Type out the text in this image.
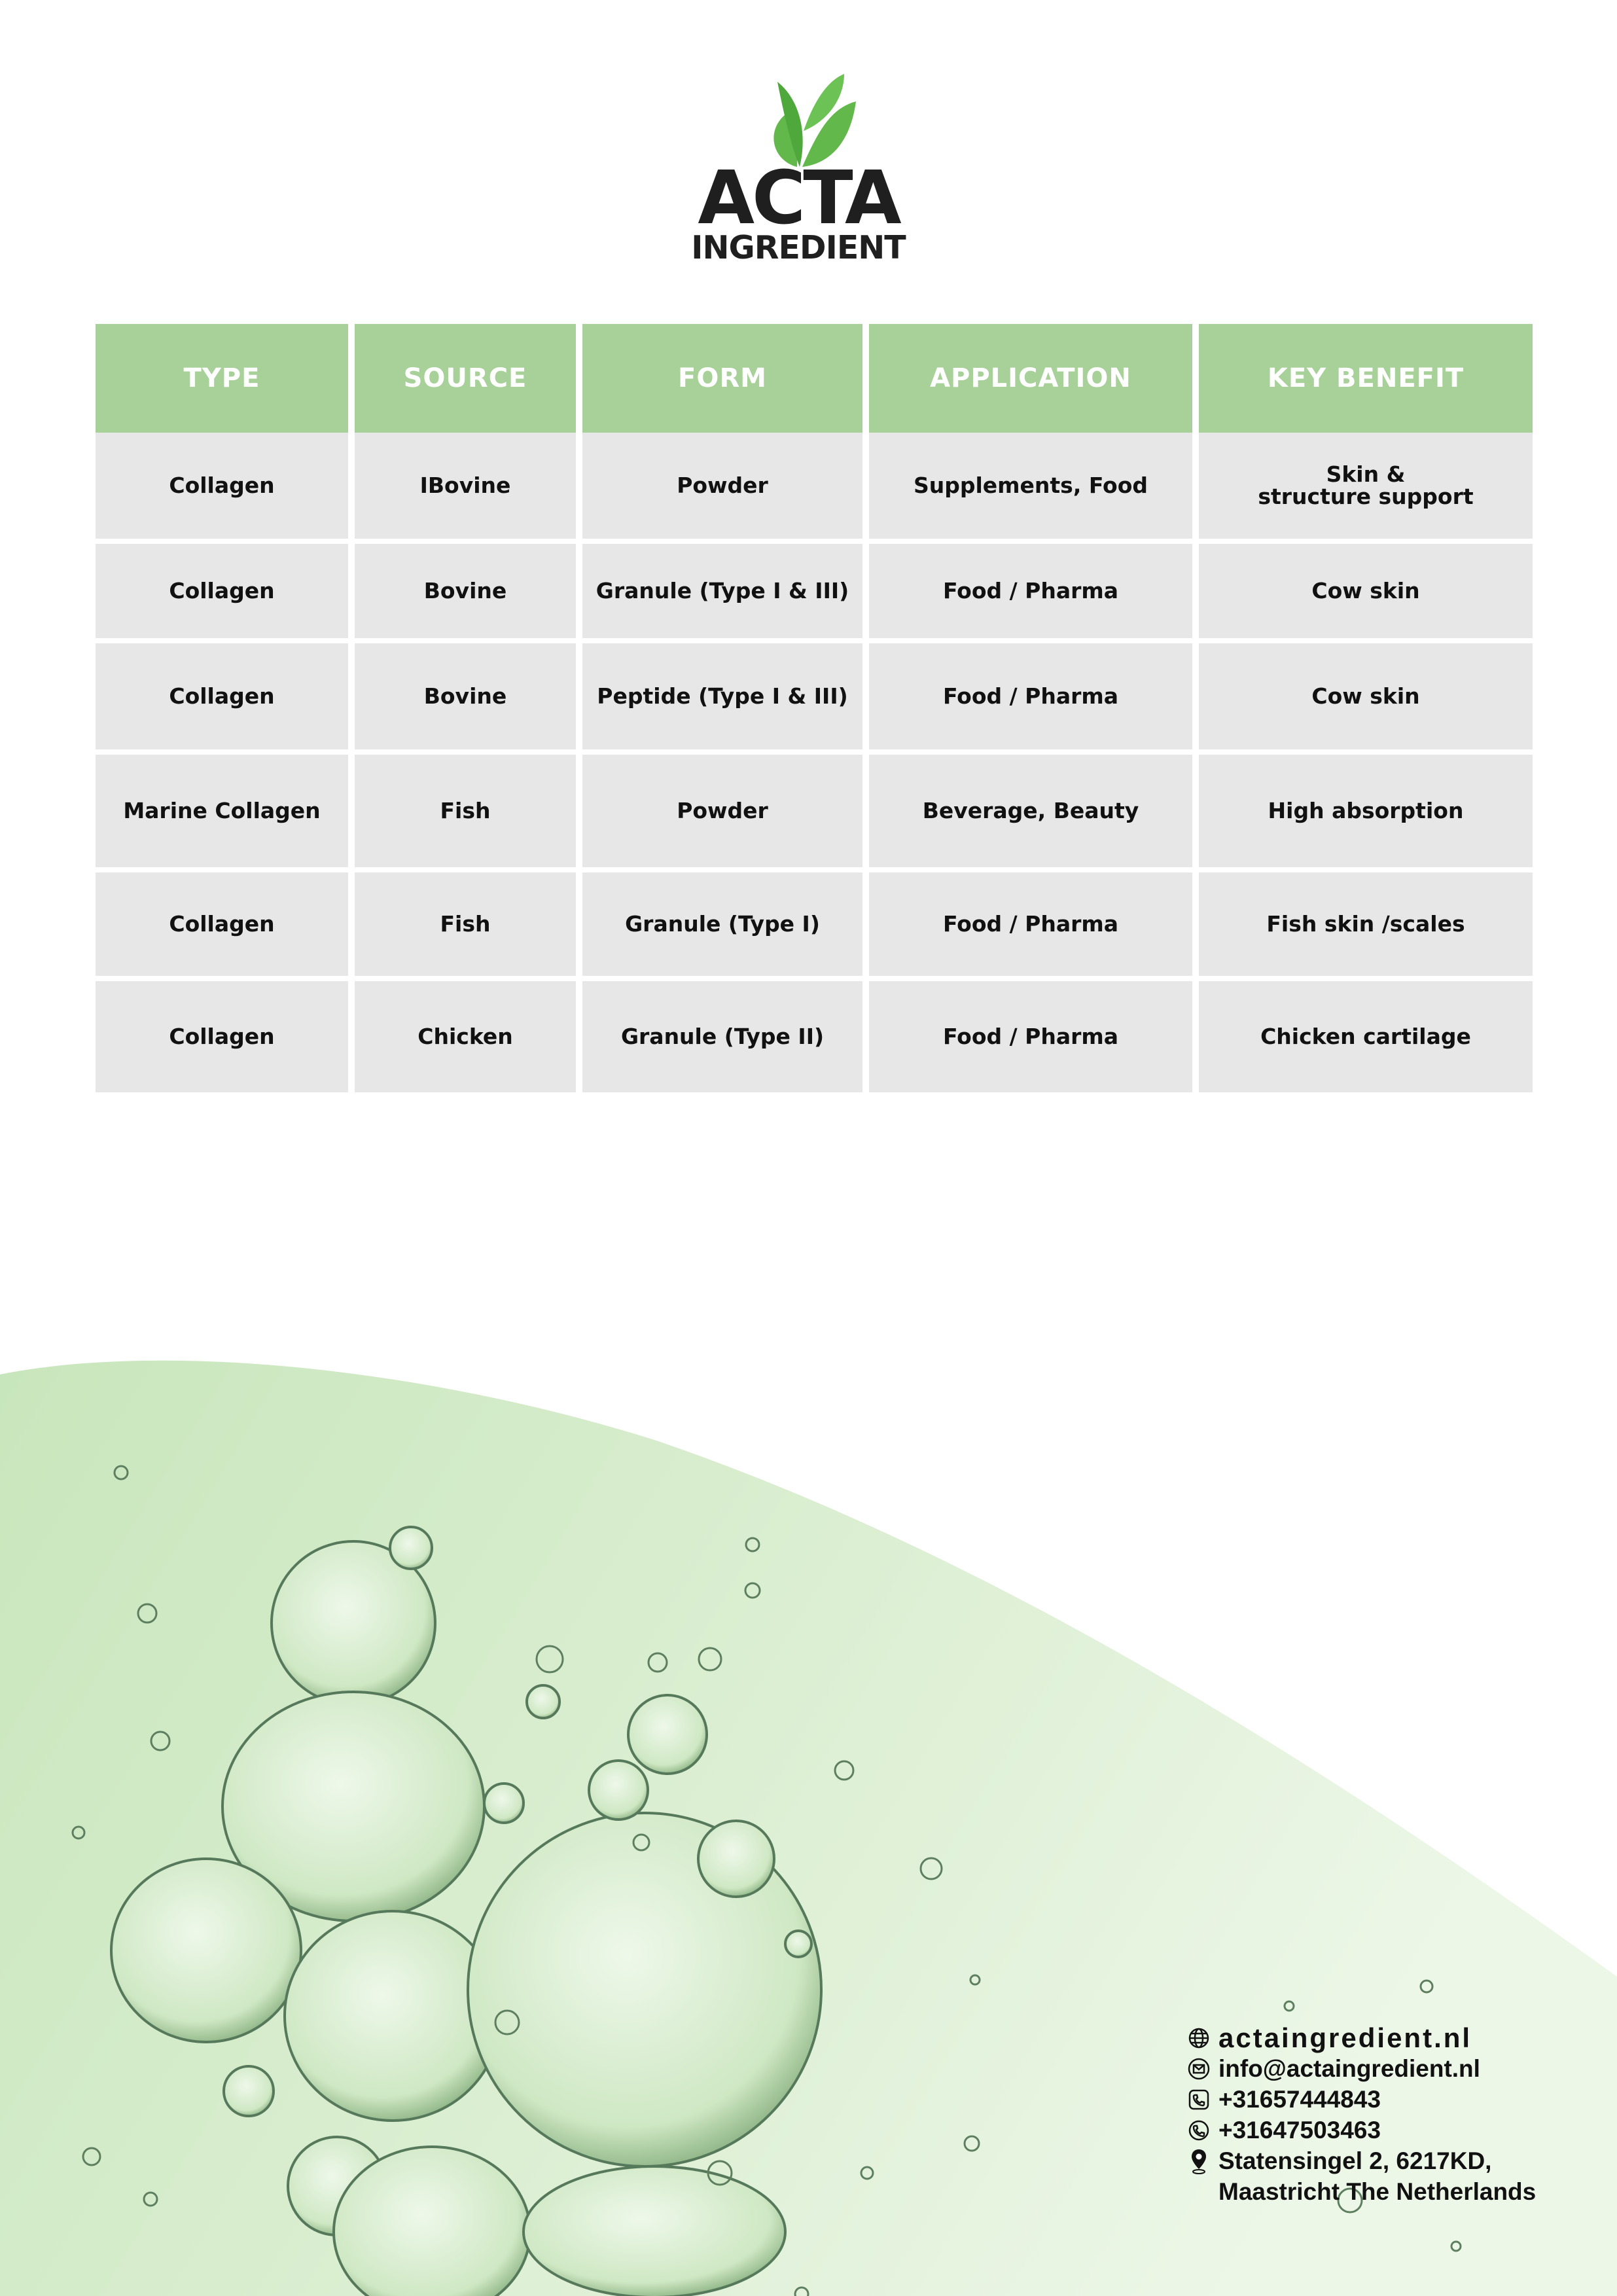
ACTA
INGREDIENT
TYPE	SOURCE	FORM	APPLICATION	KEY BENEFIT
Collagen	IBovine	Powder	Supplements, Food	Skin &
structure support
Collagen	Bovine	Granule (Type I & III)	Food / Pharma	Cow skin
Collagen	Bovine	Peptide (Type I & III)	Food / Pharma	Cow skin
Marine Collagen	Fish	Powder	Beverage, Beauty	High absorption
Collagen	Fish	Granule (Type I)	Food / Pharma	Fish skin /scales
Collagen	Chicken	Granule (Type II)	Food / Pharma	Chicken cartilage
actaingredient.nl
info@actaingredient.nl
+31657444843
+31647503463
Statensingel 2, 6217KD,
Maastricht The Netherlands
